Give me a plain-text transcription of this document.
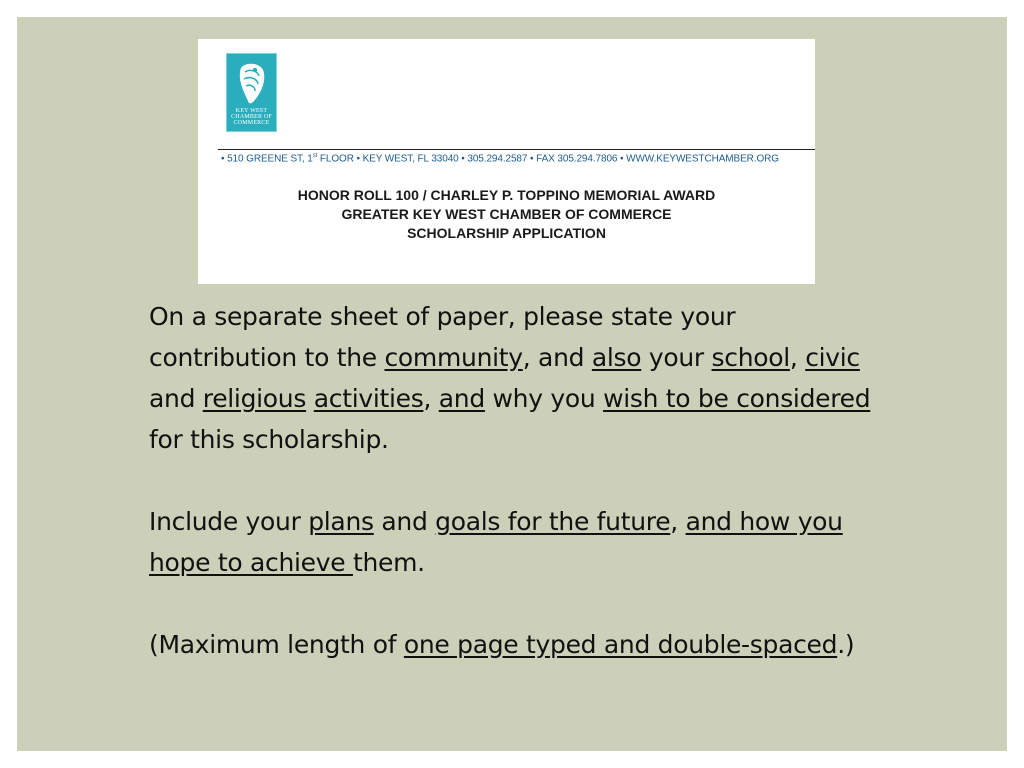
KEY WEST
CHAMBER OF
COMMERCE
• 510 GREENE ST, 1st FLOOR • KEY WEST, FL 33040 • 305.294.2587 • FAX 305.294.7806 • WWW.KEYWESTCHAMBER.ORG
HONOR ROLL 100 / CHARLEY P. TOPPINO MEMORIAL AWARD
GREATER KEY WEST CHAMBER OF COMMERCE
SCHOLARSHIP APPLICATION

On a separate sheet of paper, please state your contribution to the community, and also your school, civic and religious activities, and why you wish to be considered for this scholarship.

Include your plans and goals for the future, and how you hope to achieve them.

(Maximum length of one page typed and double-spaced.)
